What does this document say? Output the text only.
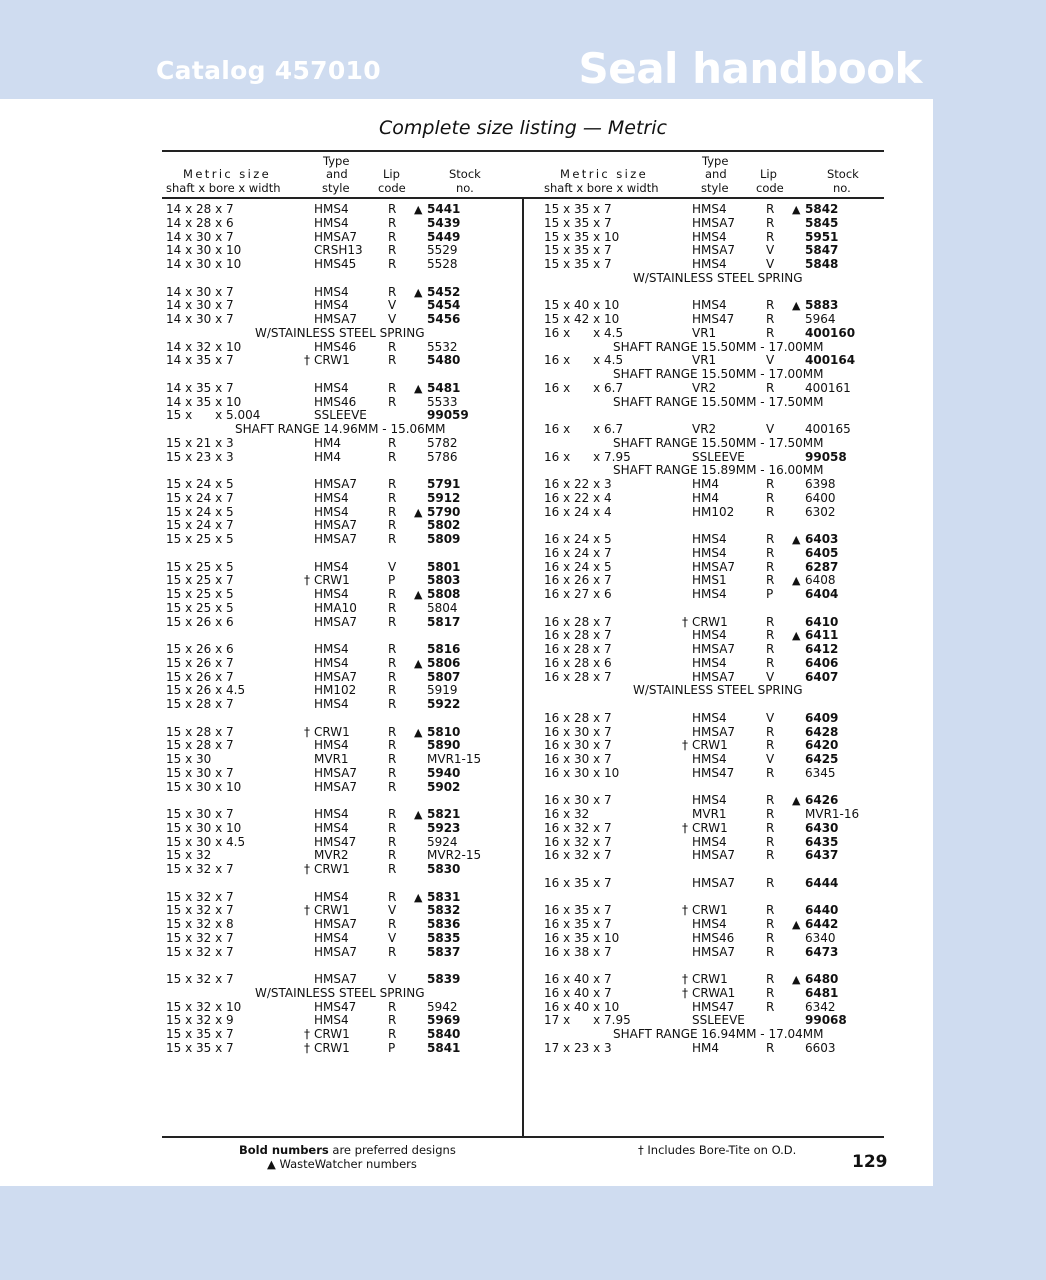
Catalog 457010	Seal handbook
Complete size listing — Metric
Type
Metric size	and	Lip	Stock
shaft x bore x width	style code	no.
Type
Metric size	and	Lip	Stock
shaft x bore x width	style code	no.
14 x 28 x 7	HMS4	R ▲ 5441
14 x 28 x 6	HMS4	R	5439
14 x 30 x 7	HMSA7	R	5449
14 x 30 x 10	CRSH13 R	5529
14 x 30 x 10	HMS45	R	5528
14 x 30 x 7	HMS4	R ▲ 5452
14 x 30 x 7	HMS4	V	5454
14 x 30 x 7	HMSA7	V	5456
W/STAINLESS STEEL SPRING
14 x 32 x 10	HMS46	R	5532
14 x 35 x 7	† CRW1	R	5480
14 x 35 x 7	HMS4	R ▲ 5481
14 x 35 x 10	HMS46	R	5533
15 x      x 5.004	SSLEEVE	99059
SHAFT RANGE 14.96MM - 15.06MM
15 x 21 x 3	HM4	R	5782
15 x 23 x 3	HM4	R	5786
15 x 24 x 5	HMSA7	R	5791
15 x 24 x 7	HMS4	R	5912
15 x 24 x 5	HMS4	R ▲ 5790
15 x 24 x 7	HMSA7	R	5802
15 x 25 x 5	HMSA7	R	5809
15 x 25 x 5	HMS4	V	5801
15 x 25 x 7	† CRW1	P	5803
15 x 25 x 5	HMS4	R ▲ 5808
15 x 25 x 5	HMA10	R	5804
15 x 26 x 6	HMSA7	R	5817
15 x 26 x 6	HMS4	R	5816
15 x 26 x 7	HMS4	R ▲ 5806
15 x 26 x 7	HMSA7	R	5807
15 x 26 x 4.5	HM102	R	5919
15 x 28 x 7	HMS4	R	5922
15 x 28 x 7	† CRW1	R ▲ 5810
15 x 28 x 7	HMS4	R	5890
15 x 30	MVR1	R	MVR1-15
15 x 30 x 7	HMSA7	R	5940
15 x 30 x 10	HMSA7	R	5902
15 x 30 x 7	HMS4	R ▲ 5821
15 x 30 x 10	HMS4	R	5923
15 x 30 x 4.5	HMS47	R	5924
15 x 32	MVR2	R	MVR2-15
15 x 32 x 7	† CRW1	R	5830
15 x 32 x 7	HMS4	R ▲ 5831
15 x 32 x 7	† CRW1	V	5832
15 x 32 x 8	HMSA7	R	5836
15 x 32 x 7	HMS4	V	5835
15 x 32 x 7	HMSA7	R	5837
15 x 32 x 7	HMSA7	V	5839
W/STAINLESS STEEL SPRING
15 x 32 x 10	HMS47	R	5942
15 x 32 x 9	HMS4	R	5969
15 x 35 x 7	† CRW1	R	5840
15 x 35 x 7	† CRW1	P	5841
15 x 35 x 7	HMS4	R ▲ 5842
15 x 35 x 7	HMSA7	R	5845
15 x 35 x 10	HMS4	R	5951
15 x 35 x 7	HMSA7	V	5847
15 x 35 x 7	HMS4	V	5848
W/STAINLESS STEEL SPRING
15 x 40 x 10	HMS4	R ▲ 5883
15 x 42 x 10	HMS47	R	5964
16 x      x 4.5	VR1	R	400160
SHAFT RANGE 15.50MM - 17.00MM
16 x      x 4.5	VR1	V	400164
SHAFT RANGE 15.50MM - 17.00MM
16 x      x 6.7	VR2	R	400161
SHAFT RANGE 15.50MM - 17.50MM
16 x      x 6.7	VR2	V	400165
SHAFT RANGE 15.50MM - 17.50MM
16 x      x 7.95	SSLEEVE	99058
SHAFT RANGE 15.89MM - 16.00MM
16 x 22 x 3	HM4	R	6398
16 x 22 x 4	HM4	R	6400
16 x 24 x 4	HM102	R	6302
16 x 24 x 5	HMS4	R ▲ 6403
16 x 24 x 7	HMS4	R	6405
16 x 24 x 5	HMSA7	R	6287
16 x 26 x 7	HMS1	R ▲ 6408
16 x 27 x 6	HMS4	P	6404
16 x 28 x 7	† CRW1	R	6410
16 x 28 x 7	HMS4	R ▲ 6411
16 x 28 x 7	HMSA7	R	6412
16 x 28 x 6	HMS4	R	6406
16 x 28 x 7	HMSA7	V	6407
W/STAINLESS STEEL SPRING
16 x 28 x 7	HMS4	V	6409
16 x 30 x 7	HMSA7	R	6428
16 x 30 x 7	† CRW1	R	6420
16 x 30 x 7	HMS4	V	6425
16 x 30 x 10	HMS47	R	6345
16 x 30 x 7	HMS4	R ▲ 6426
16 x 32	MVR1	R	MVR1-16
16 x 32 x 7	† CRW1	R	6430
16 x 32 x 7	HMS4	R	6435
16 x 32 x 7	HMSA7	R	6437
16 x 35 x 7	HMSA7	R	6444
16 x 35 x 7	† CRW1	R	6440
16 x 35 x 7	HMS4	R ▲ 6442
16 x 35 x 10	HMS46	R	6340
16 x 38 x 7	HMSA7	R	6473
16 x 40 x 7	† CRW1	R ▲ 6480
16 x 40 x 7	† CRWA1	R	6481
16 x 40 x 10	HMS47	R	6342
17 x      x 7.95	SSLEEVE	99068
SHAFT RANGE 16.94MM - 17.04MM
17 x 23 x 3	HM4	R	6603
Bold numbers are preferred designs
▲ WasteWatcher numbers
† Includes Bore-Tite on O.D.
129
